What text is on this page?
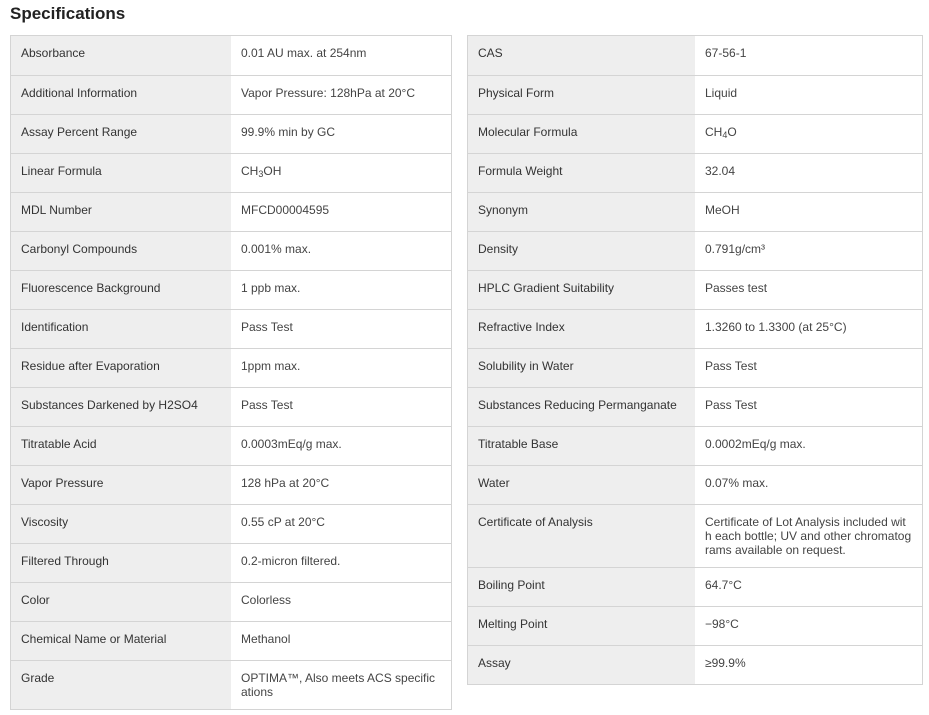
Specifications
Absorbance	0.01 AU max. at 254nm
Additional Information	Vapor Pressure: 128hPa at 20°C
Assay Percent Range	99.9% min by GC
Linear Formula	$CH_3OH$
MDL Number	MFCD00004595
Carbonyl Compounds	0.001% max.
Fluorescence Background	1 ppb max.
Identification	Pass Test
Residue after Evaporation	1ppm max.
Substances Darkened by H2SO4	Pass Test
Titratable Acid	0.0003mEq/g max.
Vapor Pressure	128 hPa at 20°C
Viscosity	0.55 cP at 20°C
Filtered Through	0.2-micron filtered.
Color	Colorless
Chemical Name or Material	Methanol
Grade	OPTIMA™, Also meets ACS specifications
CAS	67-56-1
Physical Form	Liquid
Molecular Formula	$CH_4O$
Formula Weight	32.04
Synonym	MeOH
Density	0.791g/cm³
HPLC Gradient Suitability	Passes test
Refractive Index	1.3260 to 1.3300 (at 25°C)
Solubility in Water	Pass Test
Substances Reducing Permanganate	Pass Test
Titratable Base	0.0002mEq/g max.
Water	0.07% max.
Certificate of Analysis	Certificate of Lot Analysis included with each bottle; UV and other chromatograms available on request.
Boiling Point	64.7°C
Melting Point	−98°C
Assay	≥99.9%
